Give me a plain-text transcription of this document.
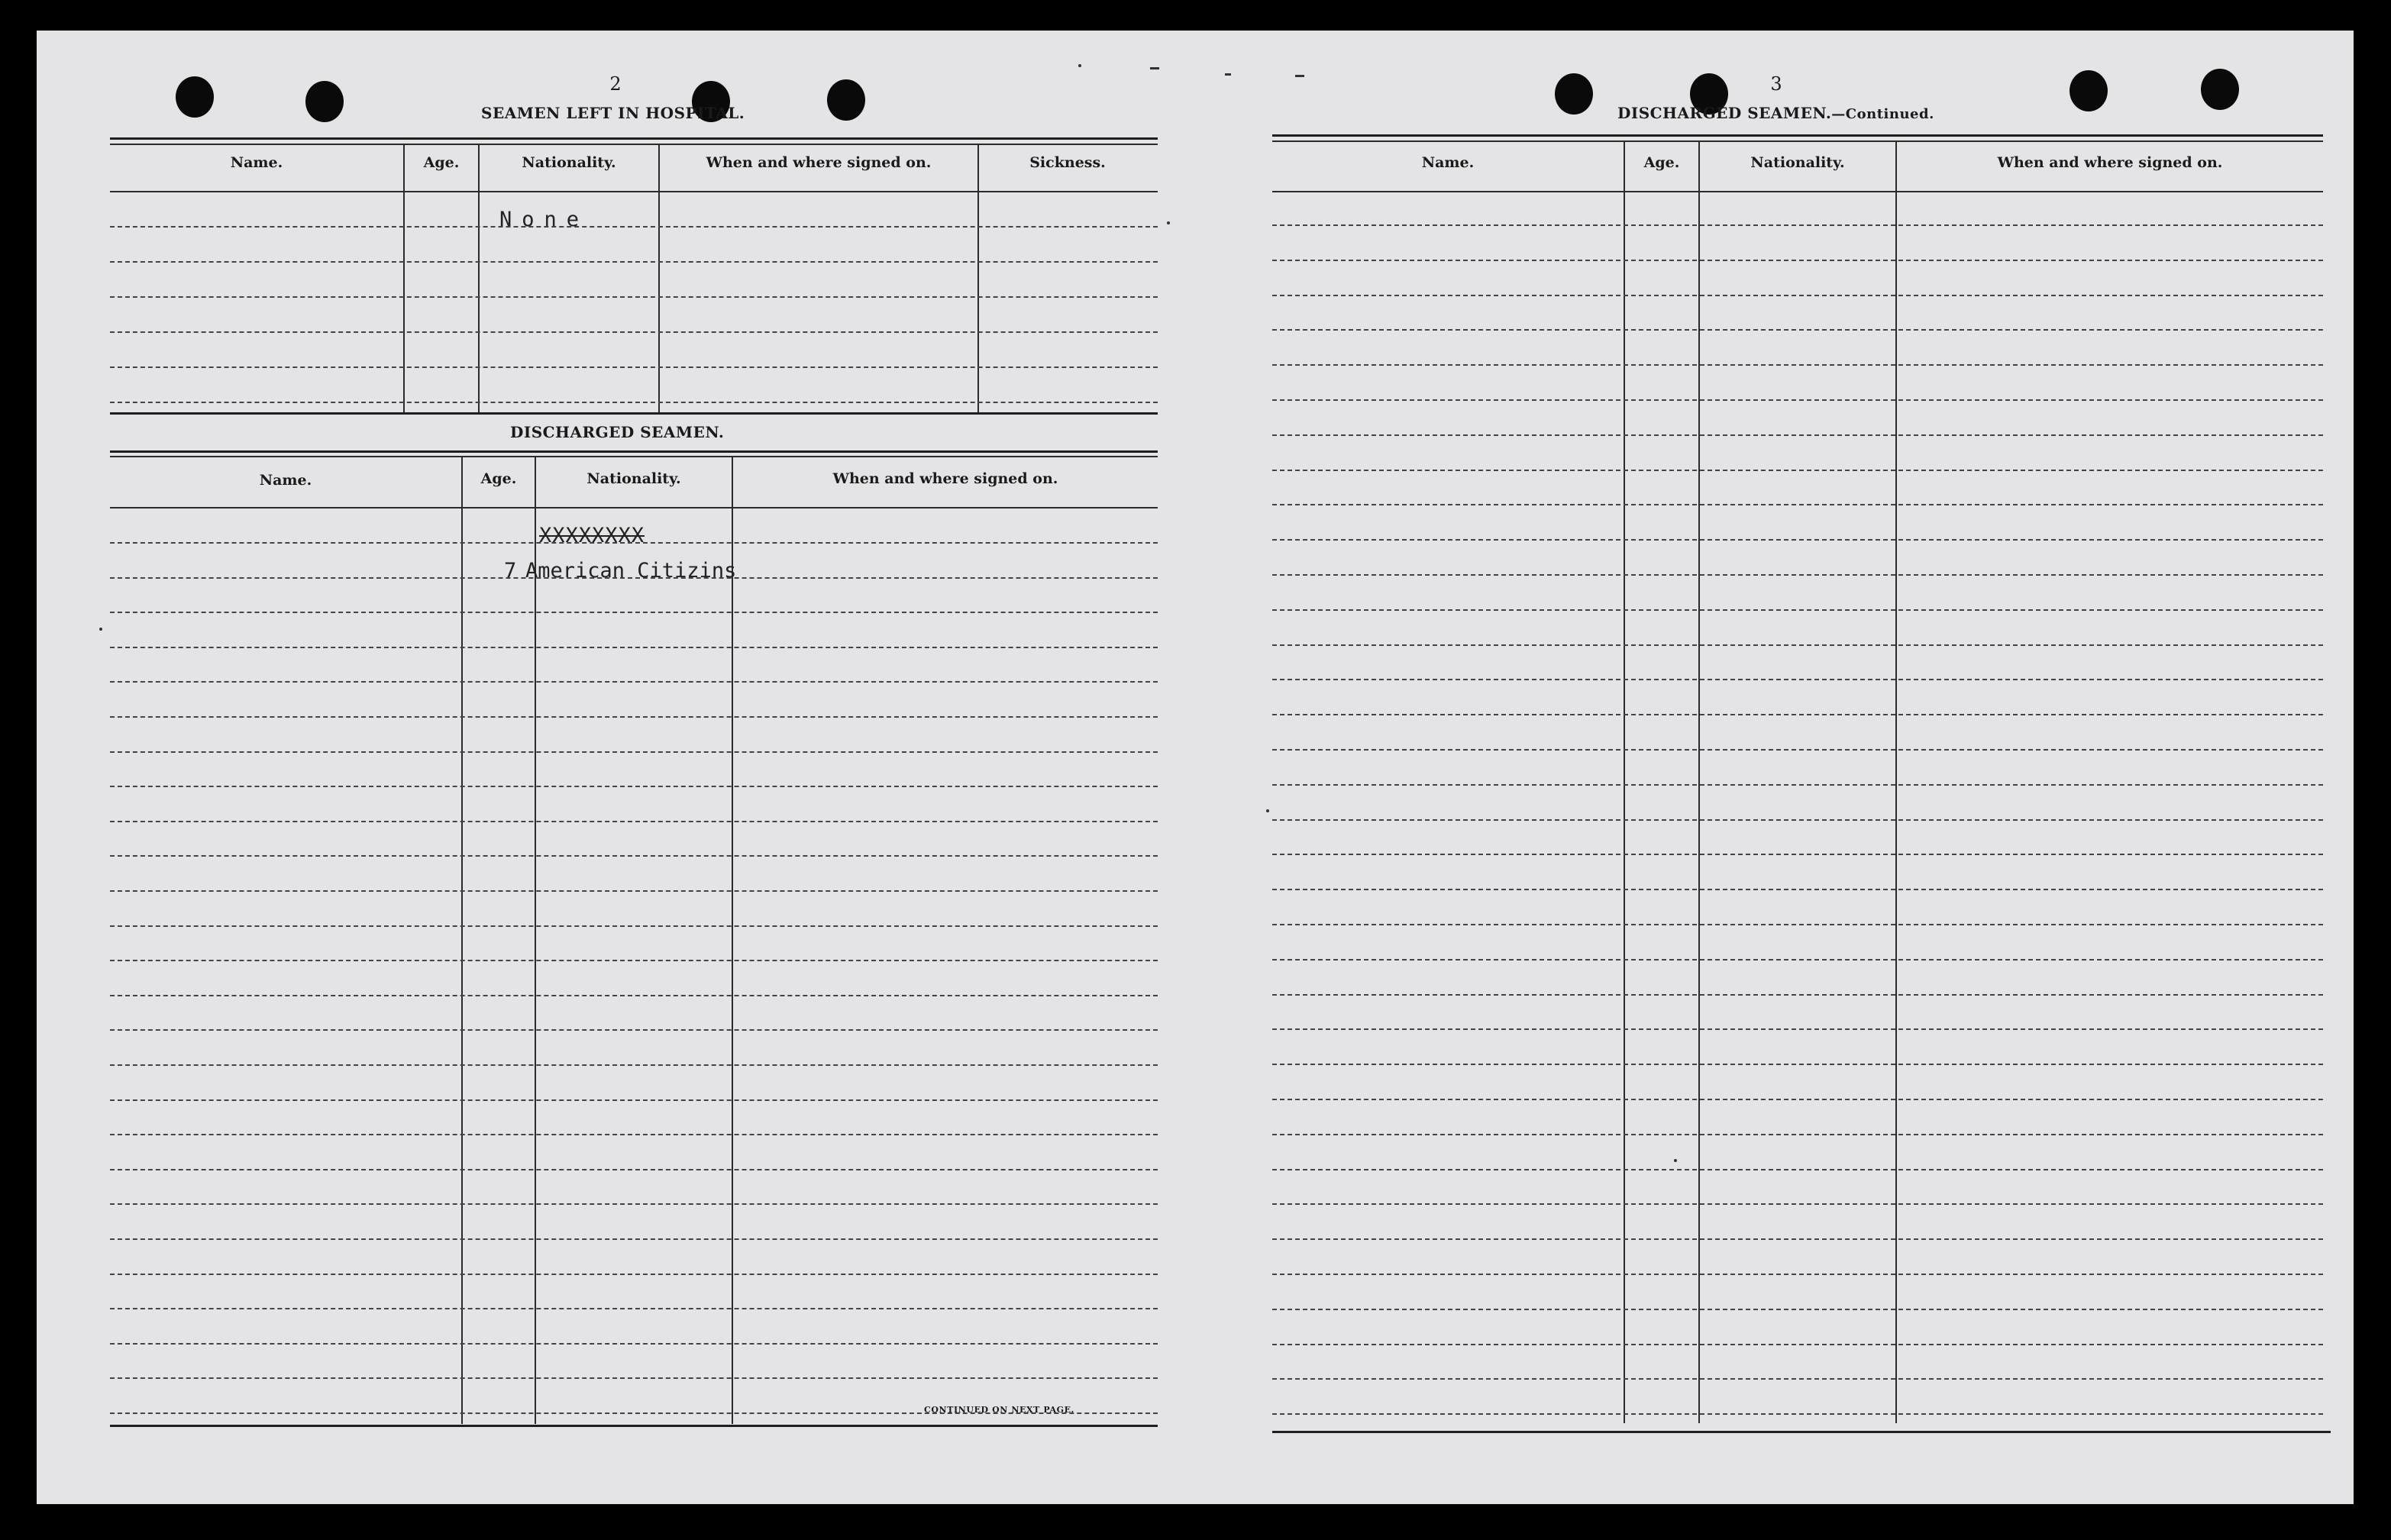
2
SEAMEN LEFT IN HOSPITAL.
Name.	Age.	Nationality.	When and where signed on.	Sickness.
None
DISCHARGED SEAMEN.
Name.	Age.	Nationality.	When and where signed on.
XXXXXXXX
7 American Citizins
CONTINUED ON NEXT PAGE.
3
DISCHARGED SEAMEN.—Continued.
Name.	Age.	Nationality.	When and where signed on.
